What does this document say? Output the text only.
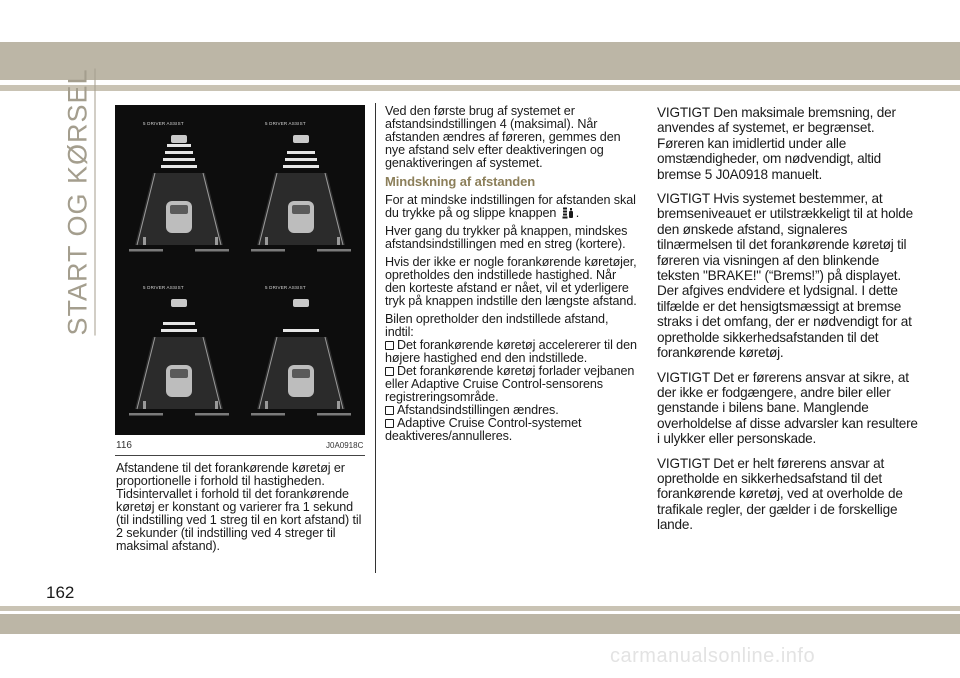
START OG KØRSEL	5 DRIVER ASSIST	5 DRIVER ASSIST
5 DRIVER ASSIST	5 DRIVER ASSIST
116	J0A0918C

Afstandene til det forankørende køretøj er proportionelle i forhold til hastigheden. Tidsintervallet i forhold til det forankørende køretøj er konstant og varierer fra 1 sekund (til indstilling ved 1 streg til en kort afstand) til 2 sekunder (til indstilling ved 4 streger til maksimal afstand).

Ved den første brug af systemet er afstandsindstillingen 4 (maksimal). Når afstanden ændres af føreren, gemmes den nye afstand selv efter deaktiveringen og genaktiveringen af systemet.

Mindskning af afstanden

For at mindske indstillingen for afstanden skal du trykke på og slippe knappen .

Hver gang du trykker på knappen, mindskes afstandsindstillingen med en streg (kortere).

Hvis der ikke er nogle forankørende køretøjer, opretholdes den indstillede hastighed. Når den korteste afstand er nået, vil et yderligere tryk på knappen indstille den længste afstand.

Bilen opretholder den indstillede afstand, indtil:

Det forankørende køretøj accelererer til den højere hastighed end den indstillede.
Det forankørende køretøj forlader vejbanen eller Adaptive Cruise Control-sensorens registreringsområde.
Afstandsindstillingen ændres.
Adaptive Cruise Control-systemet deaktiveres/annulleres.

VIGTIGT Den maksimale bremsning, der anvendes af systemet, er begrænset. Føreren kan imidlertid under alle omstændigheder, om nødvendigt, altid bremse 5 J0A0918 manuelt.

VIGTIGT Hvis systemet bestemmer, at bremseniveauet er utilstrækkeligt til at holde den ønskede afstand, signaleres tilnærmelsen til det forankørende køretøj til føreren via visningen af den blinkende teksten "BRAKE!" (“Brems!”) på displayet. Der afgives endvidere et lydsignal. I dette tilfælde er det hensigtsmæssigt at bremse straks i det omfang, der er nødvendigt for at opretholde sikkerhedsafstanden til det forankørende køretøj.

VIGTIGT Det er førerens ansvar at sikre, at der ikke er fodgængere, andre biler eller genstande i bilens bane. Manglende overholdelse af disse advarsler kan resultere i ulykker eller personskade.

VIGTIGT Det er helt førerens ansvar at opretholde en sikkerhedsafstand til det forankørende køretøj, ved at overholde de trafikale regler, der gælder i de forskellige lande.

162
carmanualsonline.info
